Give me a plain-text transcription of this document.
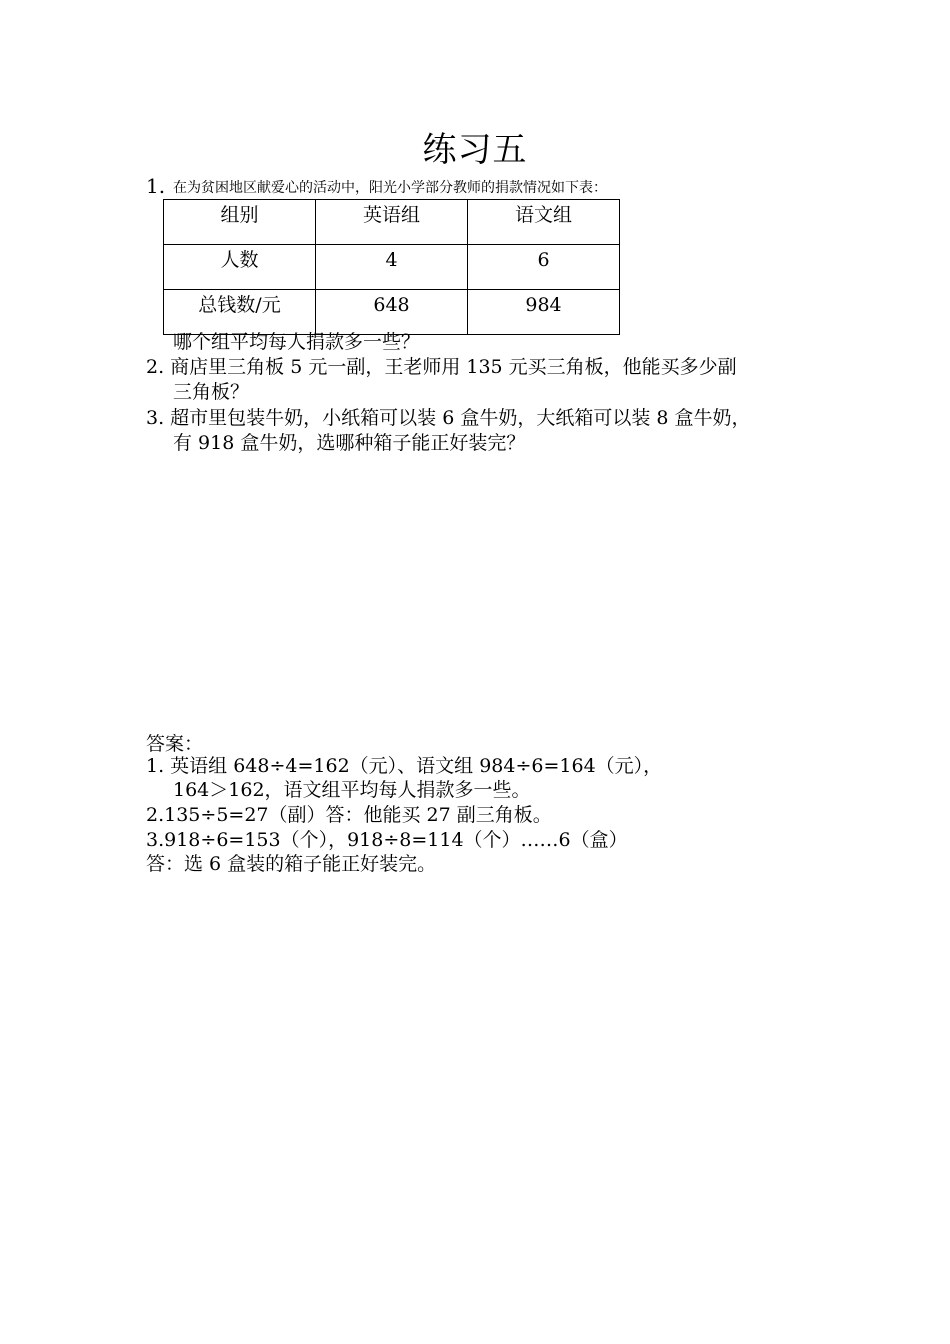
练习五
1. 在为贫困地区献爱心的活动中，阳光小学部分教师的捐款情况如下表：
组别	英语组	语文组
人数	4	6
总钱数/元	648	984
哪个组平均每人捐款多一些？
2. 商店里三角板 5 元一副，王老师用 135 元买三角板，他能买多少副
三角板？
3. 超市里包装牛奶，小纸箱可以装 6 盒牛奶，大纸箱可以装 8 盒牛奶，
有 918 盒牛奶，选哪种箱子能正好装完？
答案：
1. 英语组 648÷4=162（元）、语文组 984÷6=164（元），
164＞162，语文组平均每人捐款多一些。
2.135÷5=27（副）答：他能买 27 副三角板。
3.918÷6=153（个），918÷8=114（个）……6（盒）
答：选 6 盒装的箱子能正好装完。
